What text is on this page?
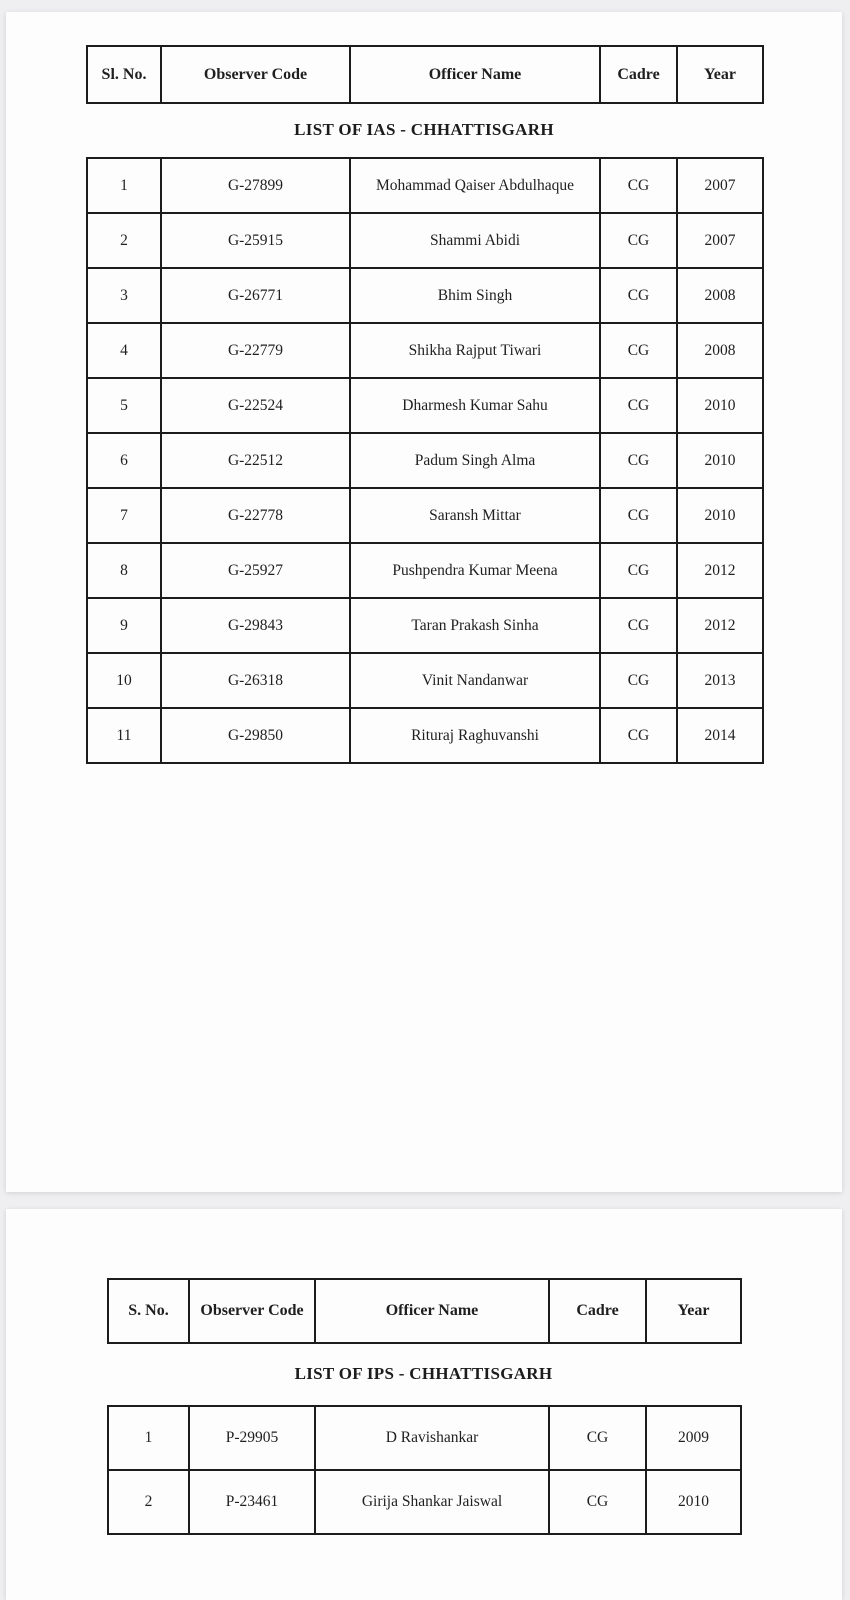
Sl. No.	Observer Code	Officer Name	Cadre	Year
LIST OF IAS - CHHATTISGARH
1	G-27899	Mohammad Qaiser Abdulhaque	CG	2007
2	G-25915	Shammi Abidi	CG	2007
3	G-26771	Bhim Singh	CG	2008
4	G-22779	Shikha Rajput Tiwari	CG	2008
5	G-22524	Dharmesh Kumar Sahu	CG	2010
6	G-22512	Padum Singh Alma	CG	2010
7	G-22778	Saransh Mittar	CG	2010
8	G-25927	Pushpendra Kumar Meena	CG	2012
9	G-29843	Taran Prakash Sinha	CG	2012
10	G-26318	Vinit Nandanwar	CG	2013
11	G-29850	Rituraj Raghuvanshi	CG	2014
S. No.	Observer Code	Officer Name	Cadre	Year
LIST OF IPS - CHHATTISGARH
1	P-29905	D Ravishankar	CG	2009
2	P-23461	Girija Shankar Jaiswal	CG	2010
